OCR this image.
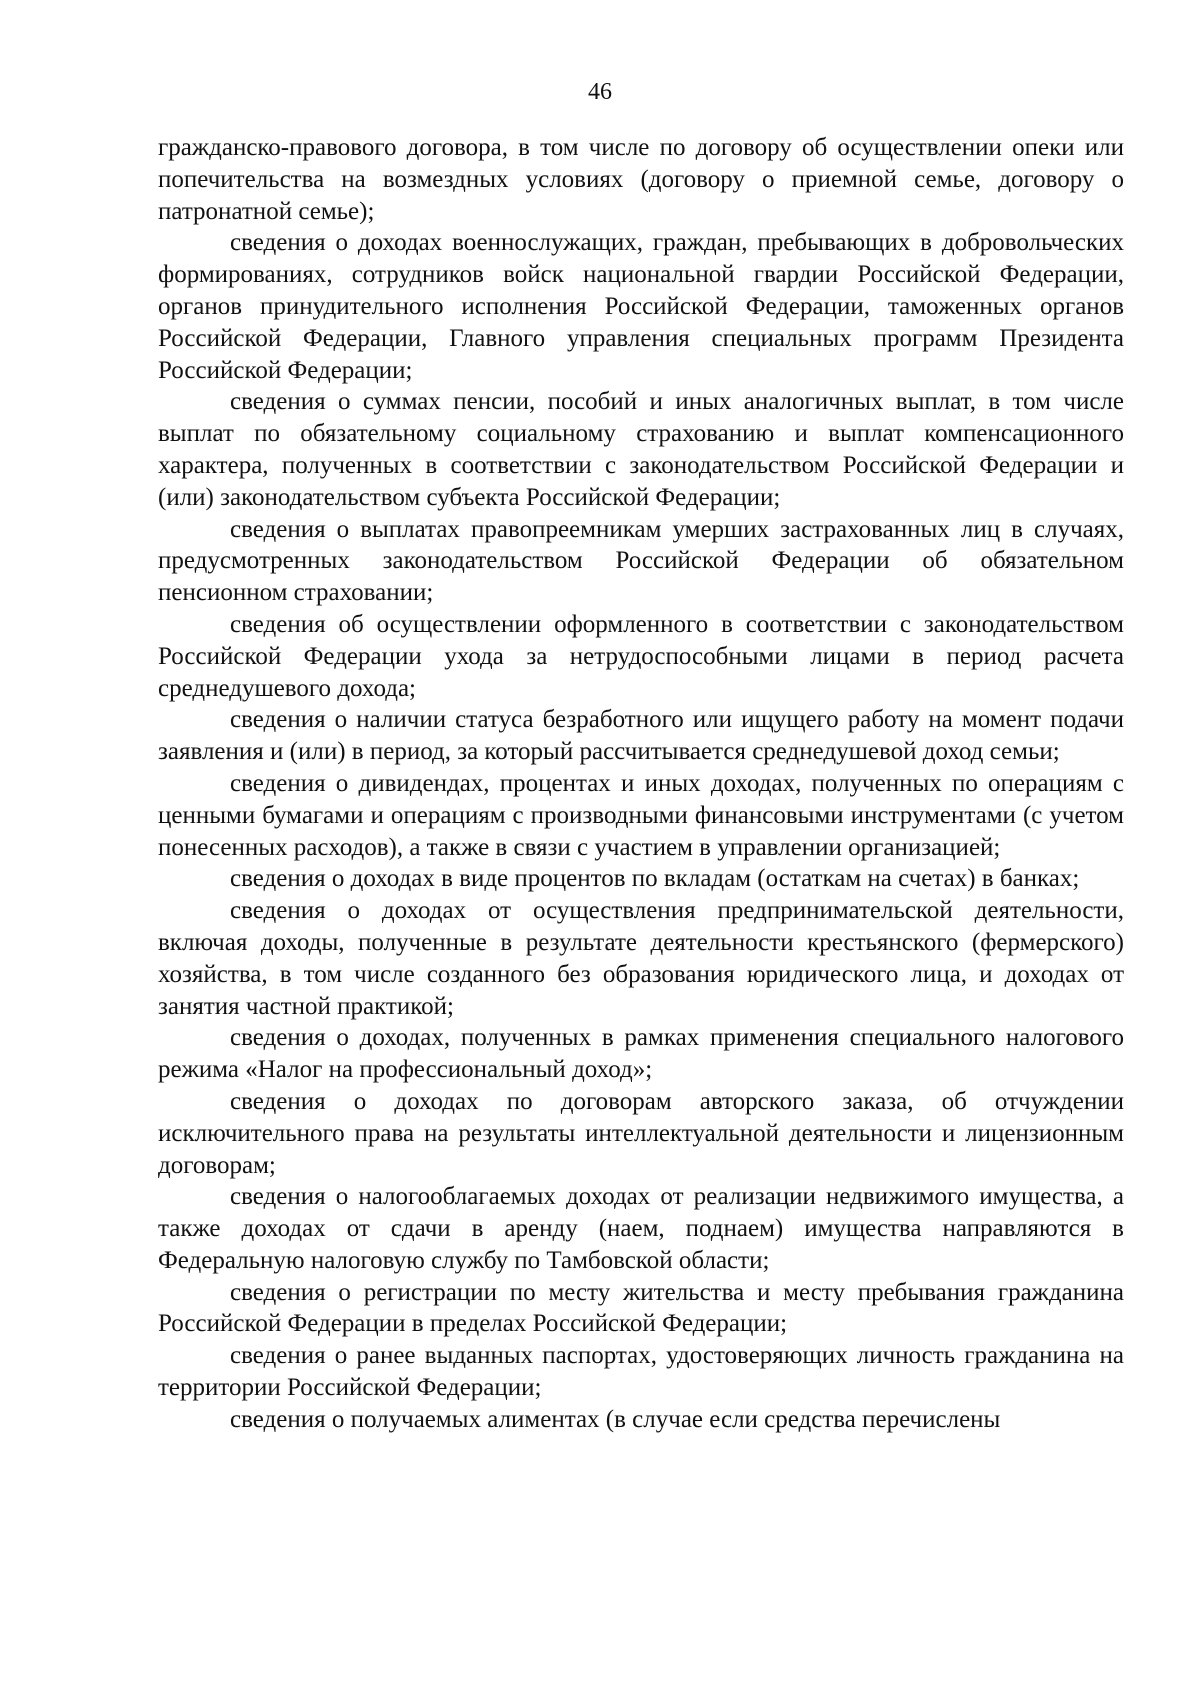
46

гражданско-правового договора, в том числе по договору об осуществлении опеки или попечительства на возмездных условиях (договору о приемной семье, договору о патронатной семье);

сведения о доходах военнослужащих, граждан, пребывающих в добровольческих формированиях, сотрудников войск национальной гвардии Российской Федерации, органов принудительного исполнения Российской Федерации, таможенных органов Российской Федерации, Главного управления специальных программ Президента Российской Федерации;

сведения о суммах пенсии, пособий и иных аналогичных выплат, в том числе выплат по обязательному социальному страхованию и выплат компенсационного характера, полученных в соответствии с законодательством Российской Федерации и (или) законодательством субъекта Российской Федерации;

сведения о выплатах правопреемникам умерших застрахованных лиц в случаях, предусмотренных законодательством Российской Федерации об обязательном пенсионном страховании;

сведения об осуществлении оформленного в соответствии с законодательством Российской Федерации ухода за нетрудоспособными лицами в период расчета среднедушевого дохода;

сведения о наличии статуса безработного или ищущего работу на момент подачи заявления и (или) в период, за который рассчитывается среднедушевой доход семьи;

сведения о дивидендах, процентах и иных доходах, полученных по операциям с ценными бумагами и операциям с производными финансовыми инструментами (с учетом понесенных расходов), а также в связи с участием в управлении организацией;

сведения о доходах в виде процентов по вкладам (остаткам на счетах) в банках;

сведения о доходах от осуществления предпринимательской деятельности, включая доходы, полученные в результате деятельности крестьянского (фермерского) хозяйства, в том числе созданного без образования юридического лица, и доходах от занятия частной практикой;

сведения о доходах, полученных в рамках применения специального налогового режима «Налог на профессиональный доход»;

сведения о доходах по договорам авторского заказа, об отчуждении исключительного права на результаты интеллектуальной деятельности и лицензионным договорам;

сведения о налогооблагаемых доходах от реализации недвижимого имущества, а также доходах от сдачи в аренду (наем, поднаем) имущества направляются в Федеральную налоговую службу по Тамбовской области;

сведения о регистрации по месту жительства и месту пребывания гражданина Российской Федерации в пределах Российской Федерации;

сведения о ранее выданных паспортах, удостоверяющих личность гражданина на территории Российской Федерации;

сведения о получаемых алиментах (в случае если средства перечислены
